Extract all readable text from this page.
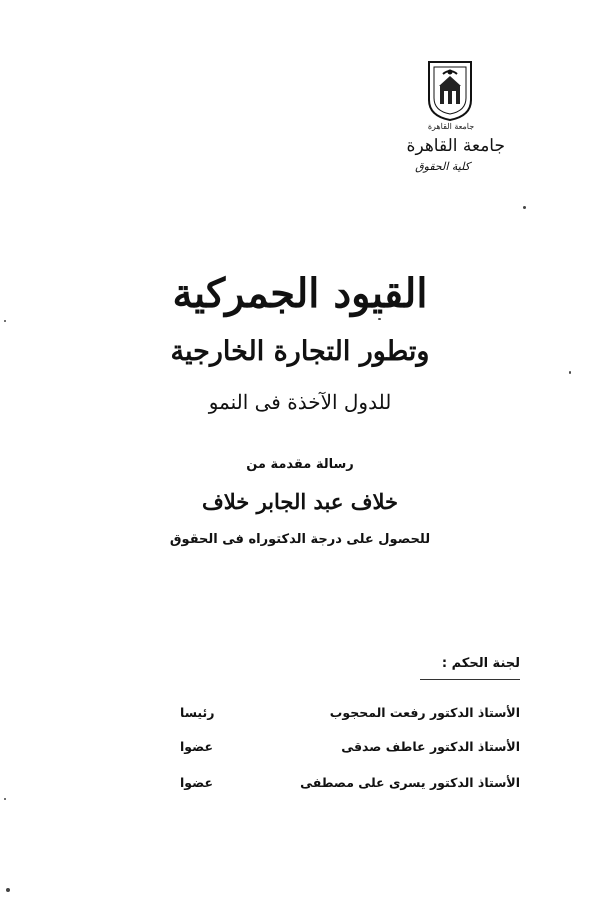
جامعة القاهرة
جامعة القاهرة
كلية الحقوق
القيود الجمركية
وتطور التجارة الخارجية
للدول الآخذة فى النمو
رسالة مقدمة من
خلاف عبد الجابر خلاف
للحصول على درجة الدكتوراه فى الحقوق
لجنة الحكم :
الأستاذ الدكتور رفعت المحجوب
رئيسا
الأستاذ الدكتور عاطف صدقى
عضوا
الأستاذ الدكتور يسرى على مصطفى
عضوا
